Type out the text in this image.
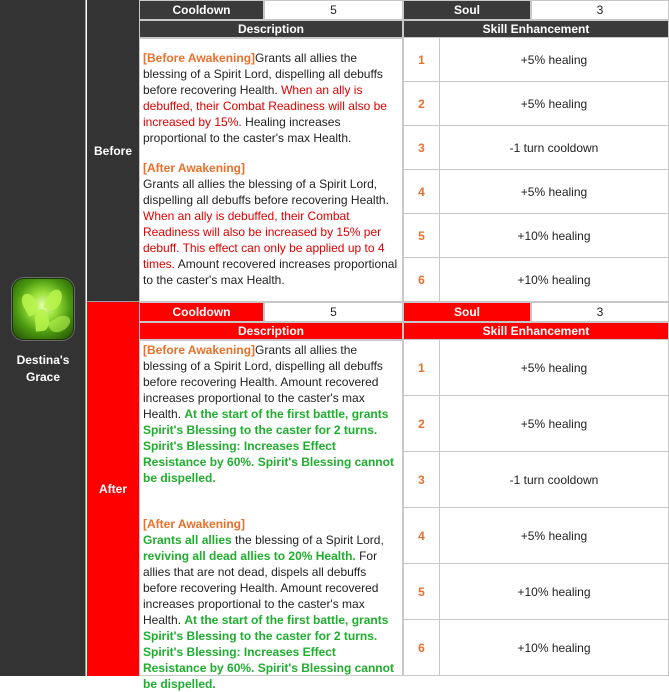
Destina's
Grace
Before
After
Cooldown	5	Soul	3
Description	Skill Enhancement
[Before Awakening]Grants all allies the blessing of a Spirit Lord, dispelling all debuffs before recovering Health. When an ally is debuffed, their Combat Readiness will also be increased by 15%. Healing increases proportional to the caster's max Health.
[After Awakening]
Grants all allies the blessing of a Spirit Lord, dispelling all debuffs before recovering Health. When an ally is debuffed, their Combat Readiness will also be increased by 15% per debuff. This effect can only be applied up to 4 times. Amount recovered increases proportional to the caster's max Health.
1	+5% healing
2	+5% healing
3	-1 turn cooldown
4	+5% healing
5	+10% healing
6	+10% healing
Cooldown	5	Soul	3
Description	Skill Enhancement
[Before Awakening]Grants all allies the blessing of a Spirit Lord, dispelling all debuffs before recovering Health. Amount recovered increases proportional to the caster's max Health. At the start of the first battle, grants Spirit's Blessing to the caster for 2 turns. Spirit's Blessing: Increases Effect Resistance by 60%. Spirit's Blessing cannot be dispelled.
[After Awakening]
Grants all allies the blessing of a Spirit Lord, reviving all dead allies to 20% Health. For allies that are not dead, dispels all debuffs before recovering Health. Amount recovered increases proportional to the caster's max Health. At the start of the first battle, grants Spirit's Blessing to the caster for 2 turns. Spirit's Blessing: Increases Effect Resistance by 60%. Spirit's Blessing cannot be dispelled.
1	+5% healing
2	+5% healing
3	-1 turn cooldown
4	+5% healing
5	+10% healing
6	+10% healing
